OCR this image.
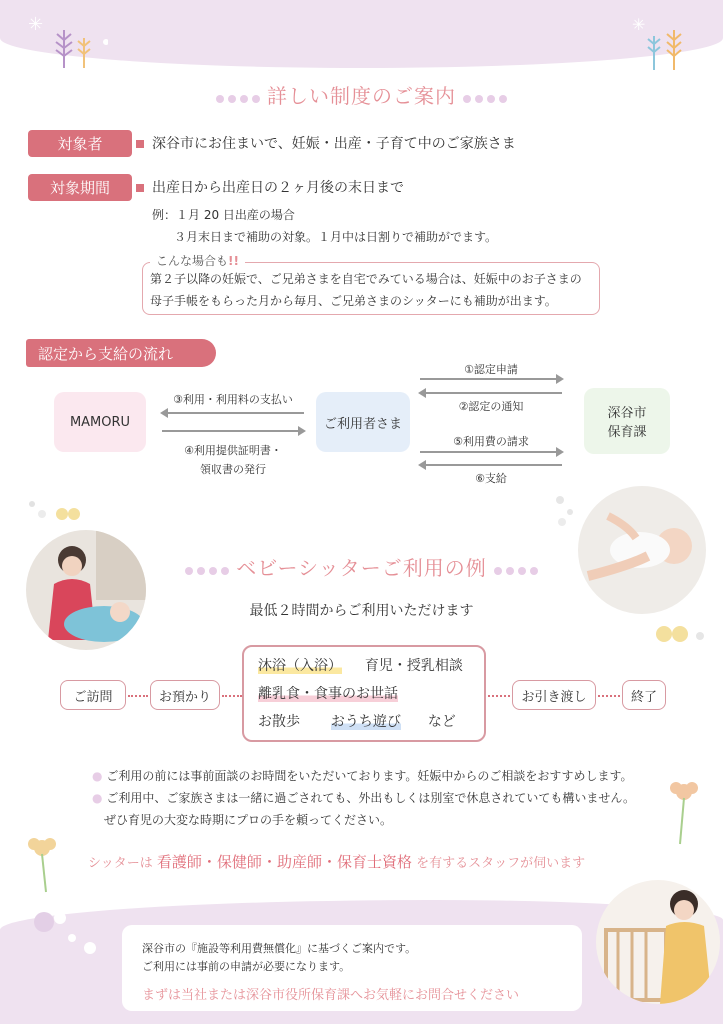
✳	✳
詳しい制度のご案内
対象者	深谷市にお住まいで、妊娠・出産・子育て中のご家族さま
対象期間	出産日から出産日の２ヶ月後の末日まで
例：１月 20 日出産の場合
３月末日まで補助の対象。１月中は日割りで補助がでます。
こんな場合も!!
第２子以降の妊娠で、ご兄弟さまを自宅でみている場合は、妊娠中のお子さまの
母子手帳をもらった月から毎月、ご兄弟さまのシッターにも補助が出ます。
認定から支給の流れ
MAMORU	ご利用者さま
深谷市
保育課
③利用・利用料の支払い
④利用提供証明書・
領収書の発行
①認定申請
②認定の通知
⑤利用費の請求
⑥支給
ベビーシッターご利用の例
最低２時間からご利用いただけます
ご訪問	お預かり
沐浴（入浴） 育児・授乳相談
離乳食・食事のお世話
お散歩 おうち遊び など
お引き渡し	終了
● ご利用の前には事前面談のお時間をいただいております。妊娠中からのご相談をおすすめします。
● ご利用中、ご家族さまは一緒に過ごされても、外出もしくは別室で休息されていても構いません。
ぜひ育児の大変な時期にプロの手を頼ってください。
シッターは 看護師・保健師・助産師・保育士資格 を有するスタッフが伺います
深谷市の『施設等利用費無償化』に基づくご案内です。
ご利用には事前の申請が必要になります。
まずは当社または深谷市役所保育課へお気軽にお問合せください
